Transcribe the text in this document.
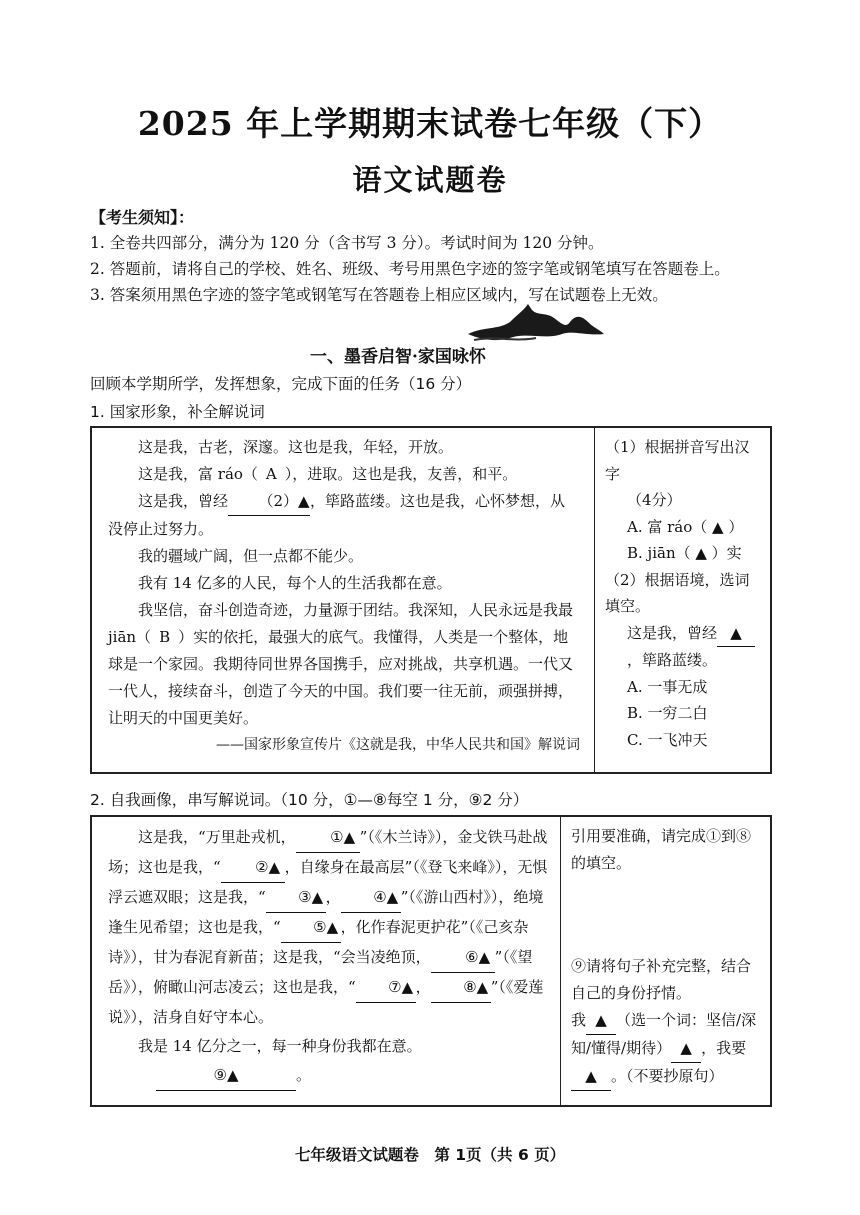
2025 年上学期期末试卷七年级（下）
语文试题卷
【考生须知】：
1. 全卷共四部分，满分为 120 分（含书写 3 分）。考试时间为 120 分钟。
2. 答题前，请将自己的学校、姓名、班级、考号用黑色字迹的签字笔或钢笔填写在答题卷上。
3. 答案须用黑色字迹的签字笔或钢笔写在答题卷上相应区域内，写在试题卷上无效。
一、墨香启智·家国咏怀
回顾本学期所学，发挥想象，完成下面的任务（16 分）
1. 国家形象，补全解说词

这是我，古老，深邃。这也是我，年轻，开放。

这是我，富 ráo（ A ），进取。这也是我，友善，和平。

这是我，曾经 （2）▲，筚路蓝缕。这也是我，心怀梦想，从没停止过努力。

我的疆域广阔，但一点都不能少。

我有 14 亿多的人民，每个人的生活我都在意。

我坚信，奋斗创造奇迹，力量源于团结。我深知，人民永远是我最 jiān（ B ）实的依托，最强大的底气。我懂得，人类是一个整体，地球是一个家园。我期待同世界各国携手，应对挑战，共享机遇。一代又一代人，接续奋斗，创造了今天的中国。我们要一往无前，顽强拼搏，让明天的中国更美好。

——国家形象宣传片《这就是我，中华人民共和国》解说词

（1）根据拼音写出汉字

（4分）

A. 富 ráo（ ▲ ）

B. jiān（ ▲ ）实

（2）根据语境，选词填空。

这是我，曾经 ▲，筚路蓝缕。

A. 一事无成

B. 一穷二白

C. 一飞冲天

2. 自我画像，串写解说词。（10 分，①—⑧每空 1 分，⑨2 分）

这是我，“万里赴戎机， ①▲ ”（《木兰诗》），金戈铁马赴战场；这也是我，“ ②▲ ，自缘身在最高层”（《登飞来峰》），无惧浮云遮双眼；这是我，“ ③▲ ， ④▲ ”（《游山西村》），绝境逢生见希望；这也是我，“ ⑤▲ ，化作春泥更护花”（《己亥杂诗》），甘为春泥育新苗；这是我，“会当凌绝顶， ⑥▲ ”（《望岳》），俯瞰山河志凌云；这也是我，“ ⑦▲ ， ⑧▲ ”（《爱莲说》），洁身自好守本心。

我是 14 亿分之一，每一种身份我都在意。

⑨▲	。

引用要准确，请完成①到⑧的填空。

⑨请将句子补充完整，结合自己的身份抒情。

我 ▲ （选一个词：坚信/深知/懂得/期待） ▲ ，我要▲ 。（不要抄原句）

七年级语文试题卷　第 1页（共 6 页）
